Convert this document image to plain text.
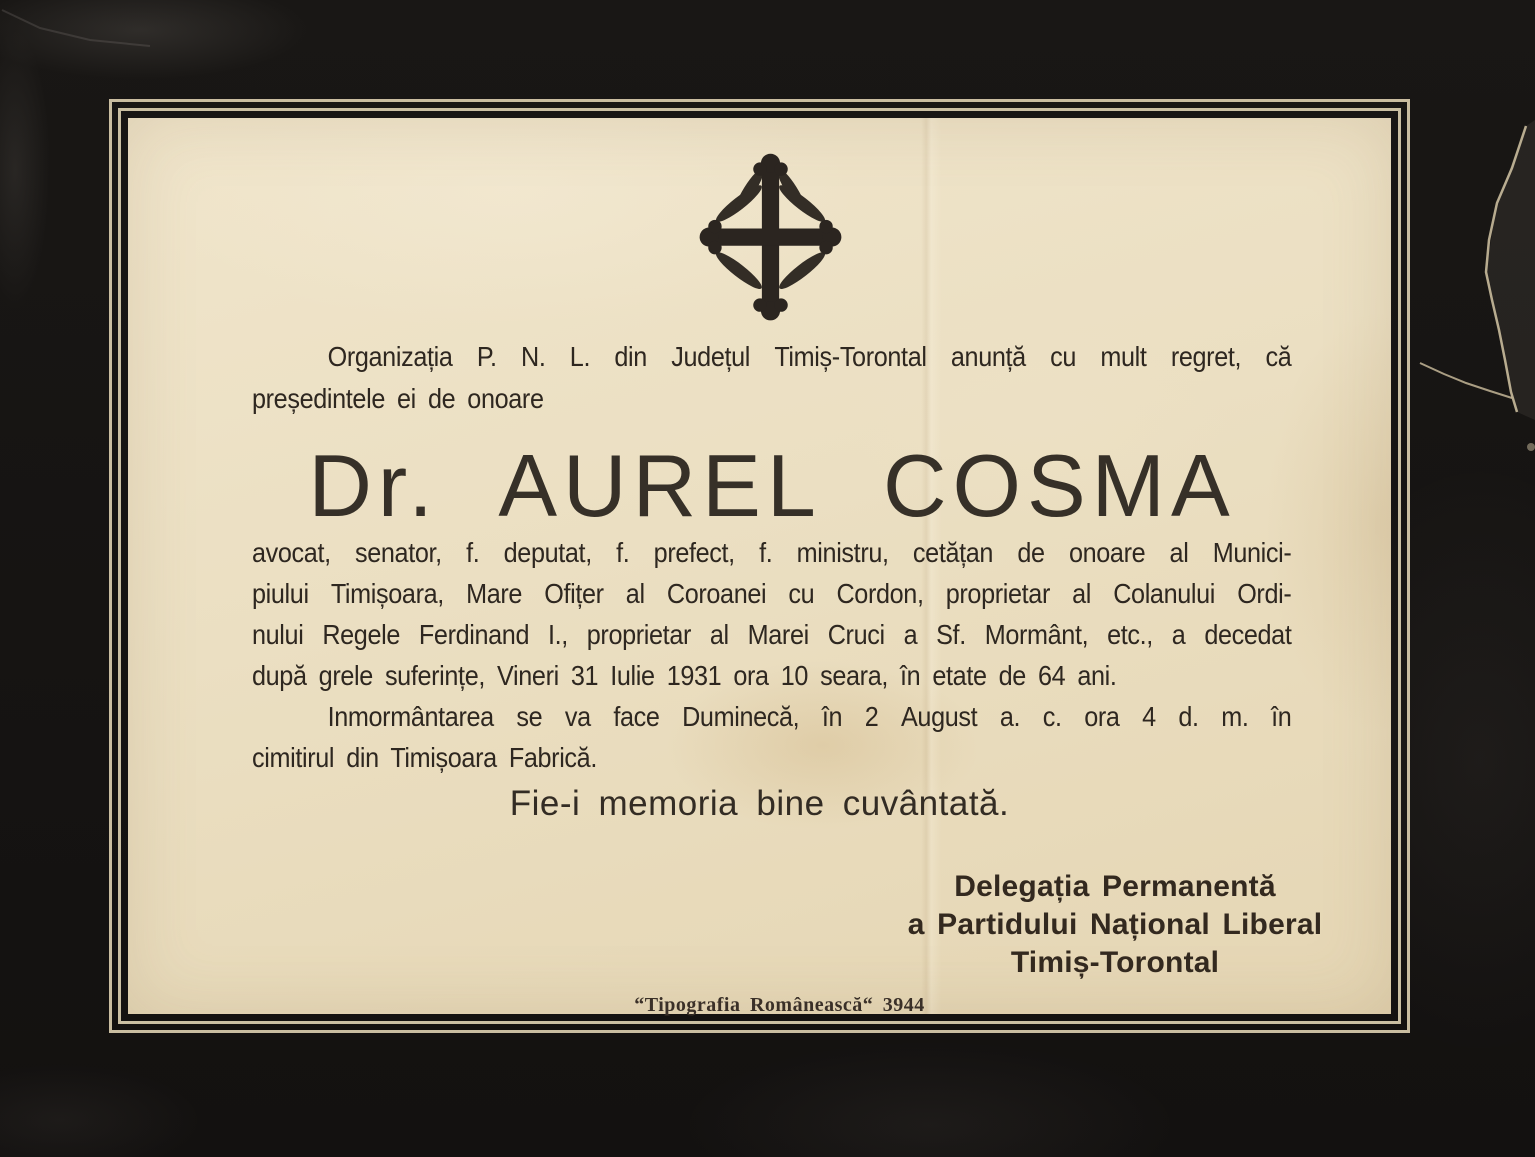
Organizația P. N. L. din Județul Timiș-Torontal anunță cu mult regret, că
președintele ei de onoare
Dr. AUREL COSMA
avocat, senator, f. deputat, f. prefect, f. ministru, cetățan de onoare al Munici-
piului Timișoara, Mare Ofițer al Coroanei cu Cordon, proprietar al Colanului Ordi-
nului Regele Ferdinand I., proprietar al Marei Cruci a Sf. Mormânt, etc., a decedat
după grele suferințe, Vineri 31 Iulie 1931 ora 10 seara, în etate de 64 ani.
Inmormântarea se va face Duminecă, în 2 August a. c. ora 4 d. m. în
cimitirul din Timișoara Fabrică.
Fie-i memoria bine cuvântată.
Delegația Permanentă
a Partidului Național Liberal
Timiș-Torontal
“Tipografia Românească“ 3944
